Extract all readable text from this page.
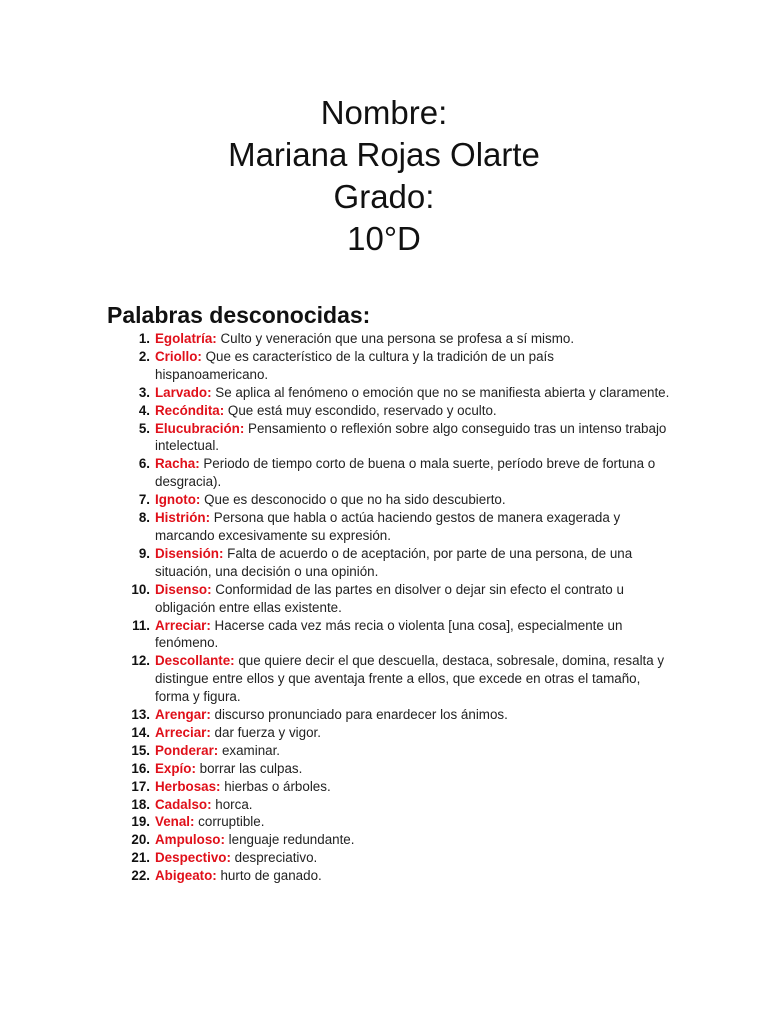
Nombre:
Mariana Rojas Olarte
Grado:
10°D
Palabras desconocidas:
1. Egolatría: Culto y veneración que una persona se profesa a sí mismo.
2. Criollo: Que es característico de la cultura y la tradición de un país hispanoamericano.
3. Larvado: Se aplica al fenómeno o emoción que no se manifiesta abierta y claramente.
4. Recóndita: Que está muy escondido, reservado y oculto.
5. Elucubración: Pensamiento o reflexión sobre algo conseguido tras un intenso trabajo intelectual.
6. Racha: Periodo de tiempo corto de buena o mala suerte, período breve de fortuna o desgracia).
7. Ignoto: Que es desconocido o que no ha sido descubierto.
8. Histrión: Persona que habla o actúa haciendo gestos de manera exagerada y marcando excesivamente su expresión.
9. Disensión: Falta de acuerdo o de aceptación, por parte de una persona, de una situación, una decisión o una opinión.
10. Disenso: Conformidad de las partes en disolver o dejar sin efecto el contrato u obligación entre ellas existente.
11. Arreciar: Hacerse cada vez más recia o violenta [una cosa], especialmente un fenómeno.
12. Descollante: que quiere decir el que descuella, destaca, sobresale, domina, resalta y distingue entre ellos y que aventaja frente a ellos, que excede en otras el tamaño, forma y figura.
13. Arengar: discurso pronunciado para enardecer los ánimos.
14. Arreciar: dar fuerza y vigor.
15. Ponderar: examinar.
16. Expío: borrar las culpas.
17. Herbosas: hierbas o árboles.
18. Cadalso: horca.
19. Venal: corruptible.
20. Ampuloso: lenguaje redundante.
21. Despectivo: despreciativo.
22. Abigeato: hurto de ganado.
